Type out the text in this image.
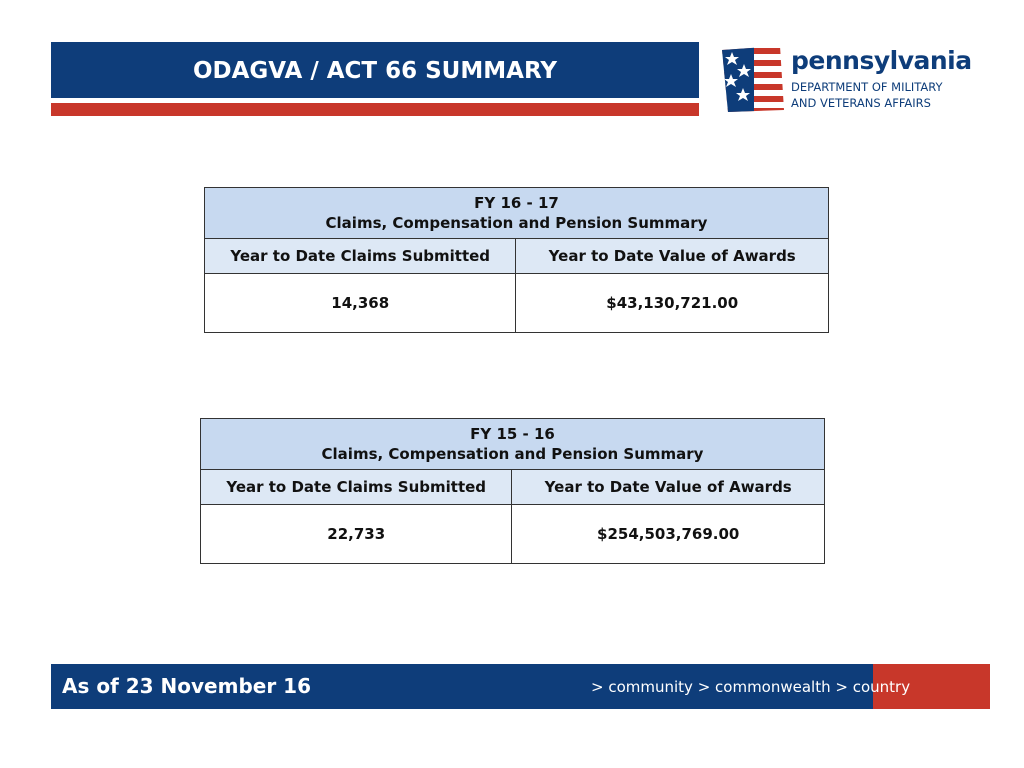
ODAGVA / ACT 66 SUMMARY	pennsylvania
DEPARTMENT OF MILITARY
AND VETERANS AFFAIRS
FY 16 - 17
Claims, Compensation and Pension Summary	

Year to Date Claims Submitted	Year to Date Value of Awards
14,368	$43,130,721.00
FY 15 - 16
Claims, Compensation and Pension Summary	

Year to Date Claims Submitted	Year to Date Value of Awards
22,733	$254,503,769.00
As of 23 November 16	> community > commonwealth > country
